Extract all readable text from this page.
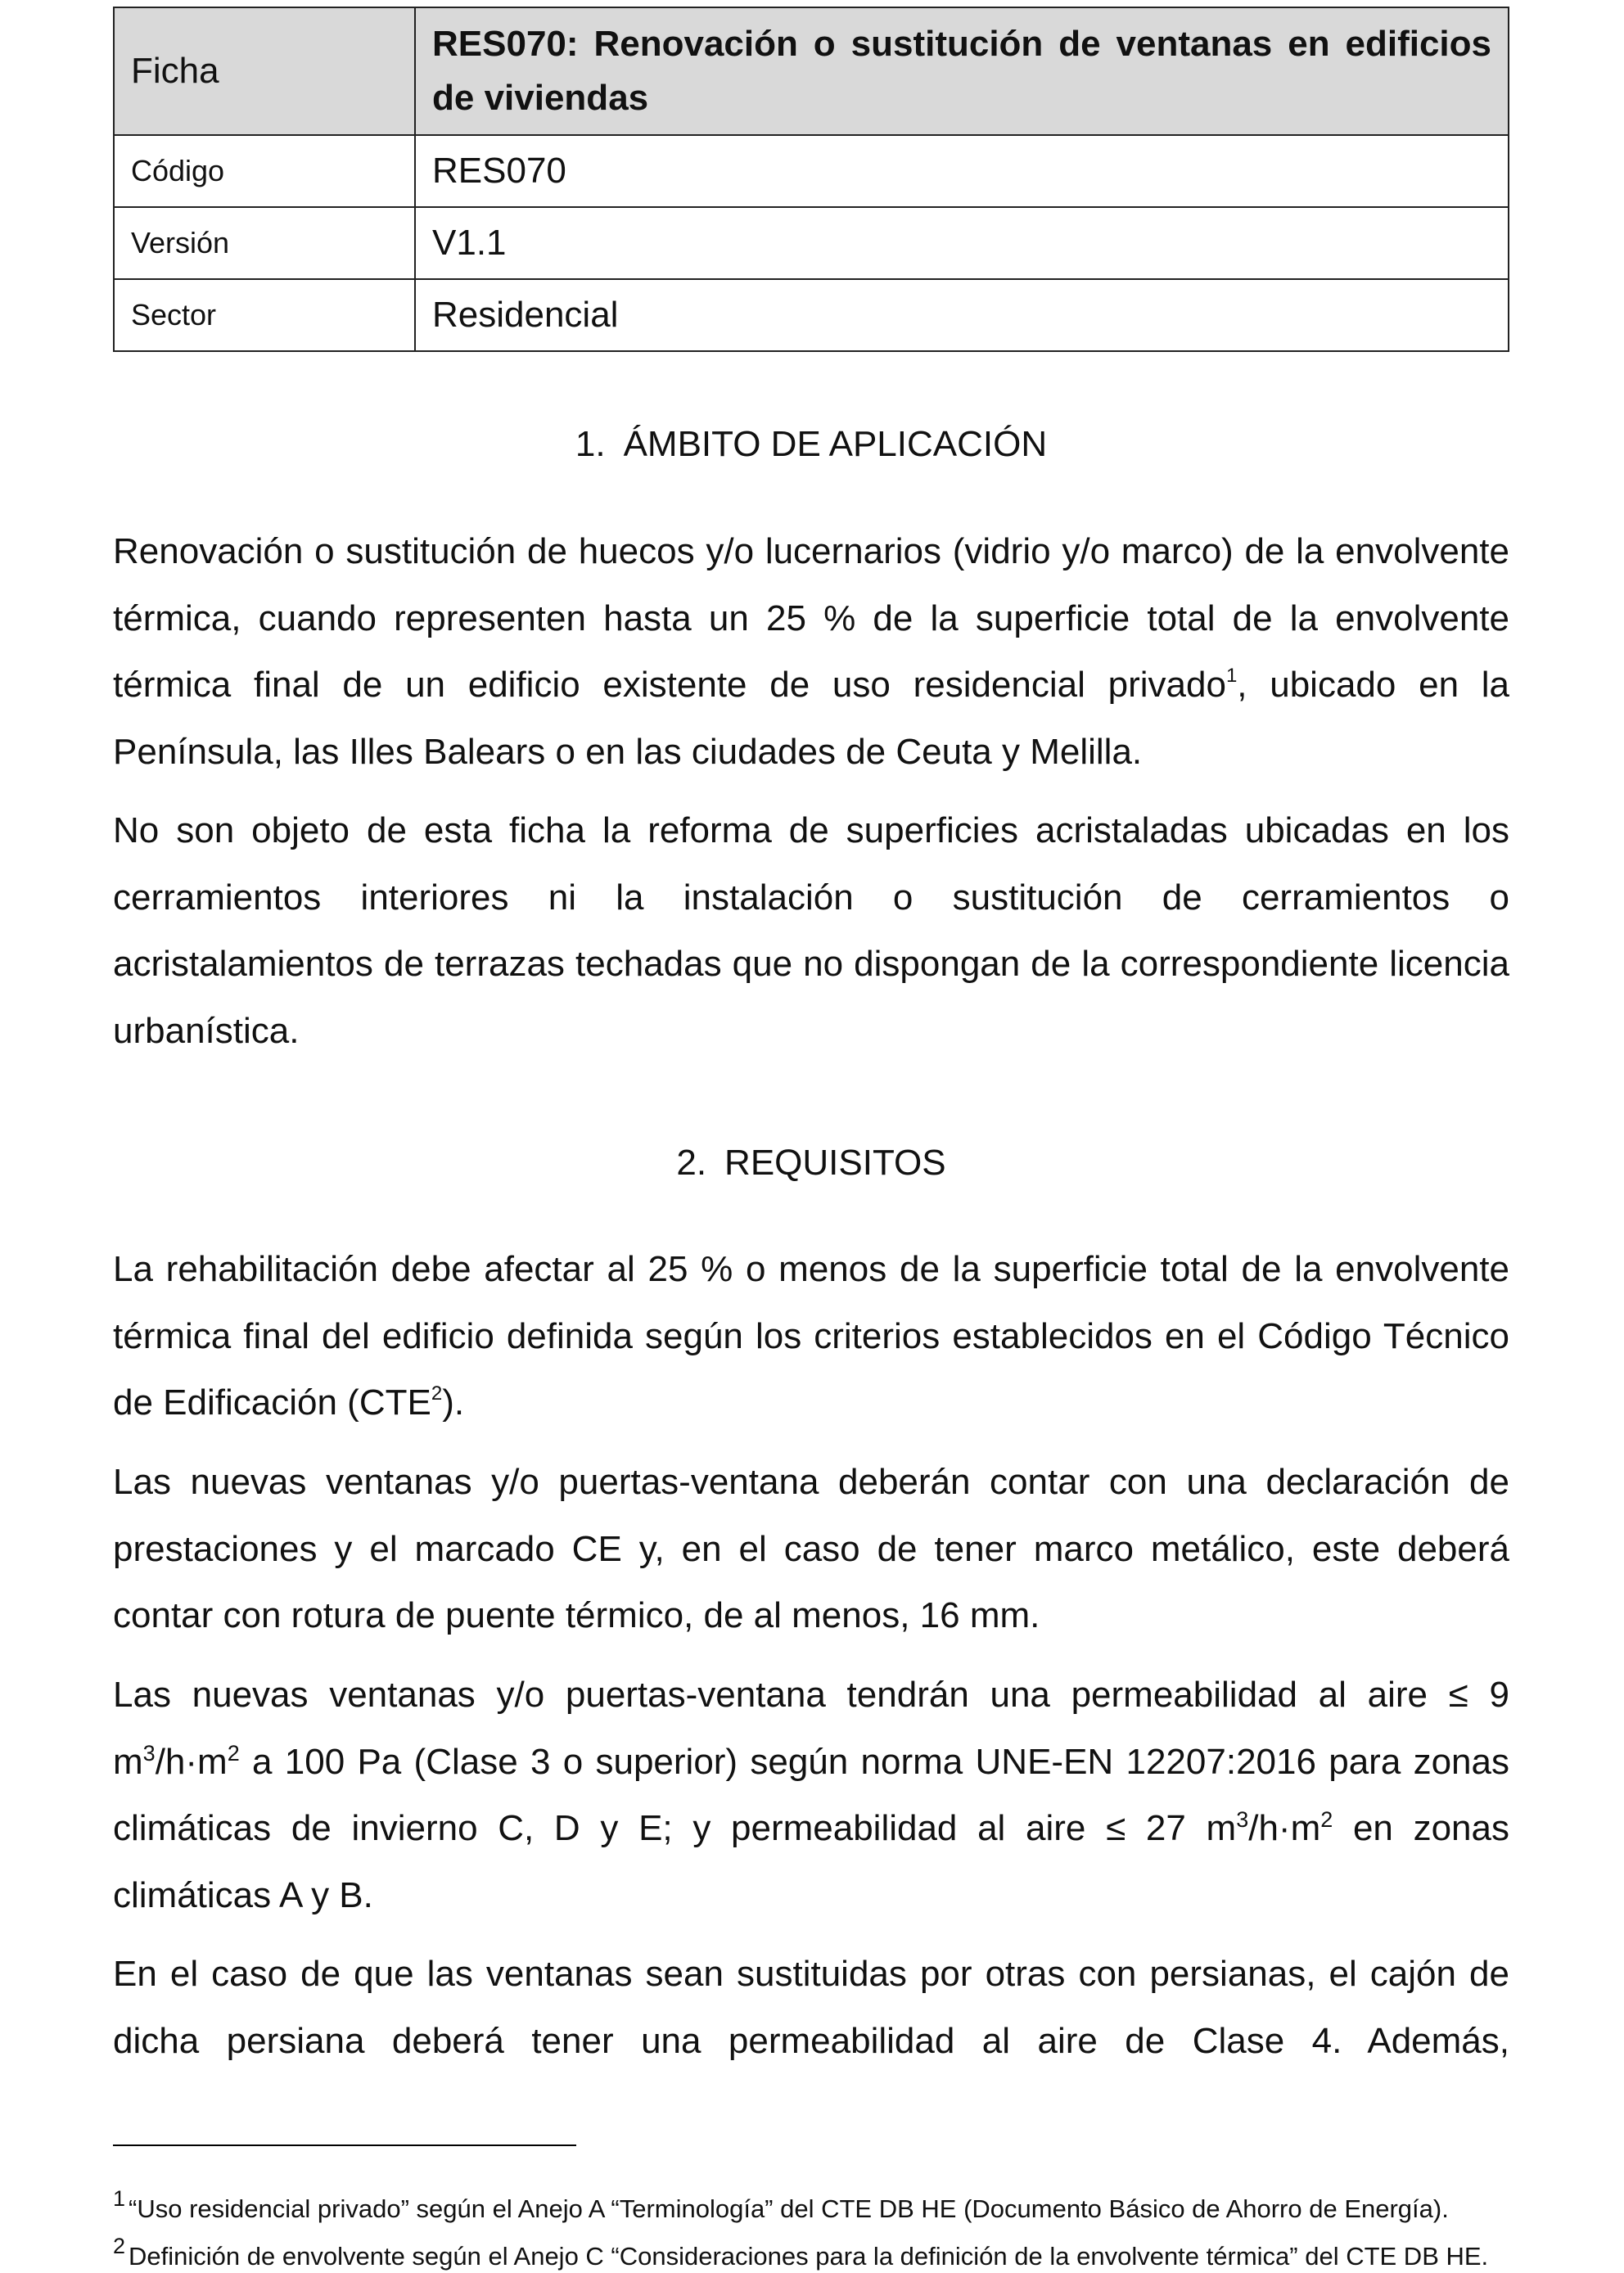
Ficha	RES070: Renovación o sustitución de ventanas en edificios de viviendas
Código	RES070
Versión	V1.1
Sector	Residencial
1. ÁMBITO DE APLICACIÓN

Renovación o sustitución de huecos y/o lucernarios (vidrio y/o marco) de la envolvente térmica, cuando representen hasta un 25 % de la superficie total de la envolvente térmica final de un edificio existente de uso residencial privado$^1$, ubicado en la Península, las Illes Balears o en las ciudades de Ceuta y Melilla.

No son objeto de esta ficha la reforma de superficies acristaladas ubicadas en los cerramientos interiores ni la instalación o sustitución de cerramientos o acristalamientos de terrazas techadas que no dispongan de la correspondiente licencia urbanística.

2. REQUISITOS

La rehabilitación debe afectar al 25 % o menos de la superficie total de la envolvente térmica final del edificio definida según los criterios establecidos en el Código Técnico de Edificación (CTE$^2$).

Las nuevas ventanas y/o puertas-ventana deberán contar con una declaración de prestaciones y el marcado CE y, en el caso de tener marco metálico, este deberá contar con rotura de puente térmico, de al menos, 16 mm.

Las nuevas ventanas y/o puertas-ventana tendrán una permeabilidad al aire ≤ 9 $m^3/h\cdot m^2$ a 100 Pa (Clase 3 o superior) según norma UNE-EN 12207:2016 para zonas climáticas de invierno C, D y E; y permeabilidad al aire ≤ 27 $m^3/h\cdot m^2$ en zonas climáticas A y B.

En el caso de que las ventanas sean sustituidas por otras con persianas, el cajón de dicha persiana deberá tener una permeabilidad al aire de Clase 4. Además,

1 “Uso residencial privado” según el Anejo A “Terminología” del CTE DB HE (Documento Básico de Ahorro de Energía).
2 Definición de envolvente según el Anejo C “Consideraciones para la definición de la envolvente térmica” del CTE DB HE.
